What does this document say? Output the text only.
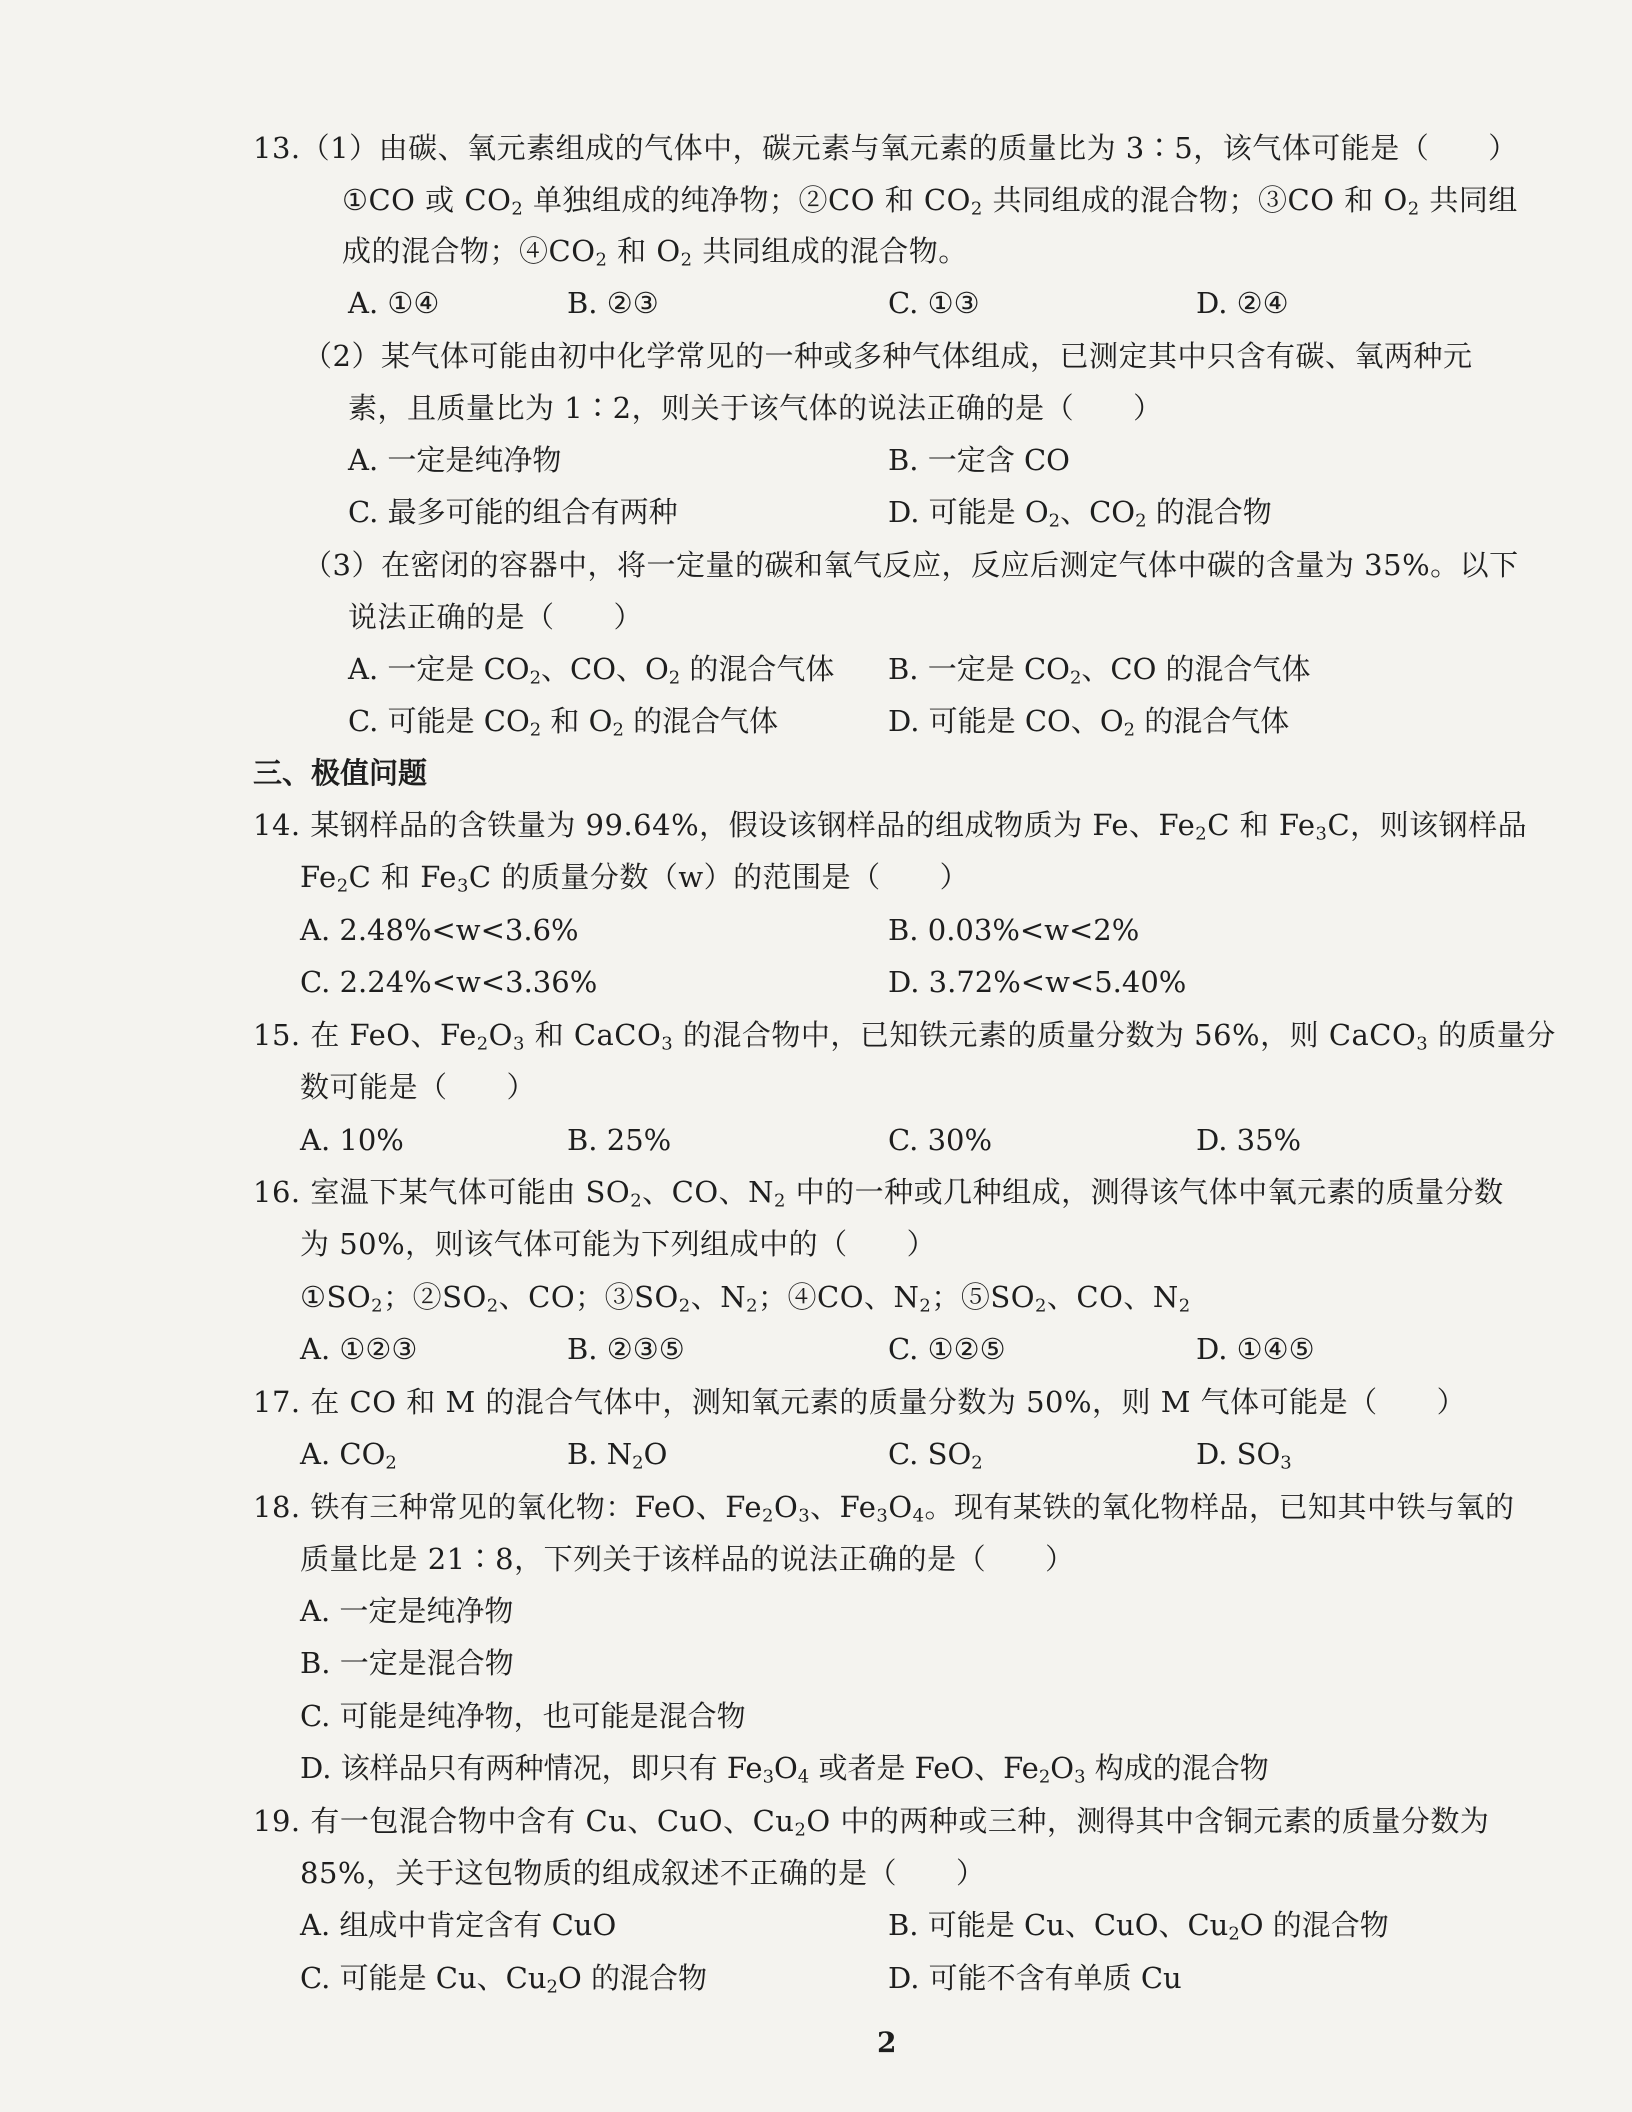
13.（1）由碳、氧元素组成的气体中，碳元素与氧元素的质量比为 3∶5，该气体可能是（　　）
①CO 或 $CO_2$ 单独组成的纯净物；②CO 和 $CO_2$ 共同组成的混合物；③CO 和 $O_2$ 共同组
成的混合物；$④CO_2$ 和 $O_2$ 共同组成的混合物。
A. ①④	B. ②③	C. ①③	D. ②④
（2）某气体可能由初中化学常见的一种或多种气体组成，已测定其中只含有碳、氧两种元
素，且质量比为 1∶2，则关于该气体的说法正确的是（　　）
A. 一定是纯净物	B. 一定含 CO
C. 最多可能的组合有两种	D. 可能是 $O_2$、$CO_2$ 的混合物
（3）在密闭的容器中，将一定量的碳和氧气反应，反应后测定气体中碳的含量为 35%。以下
说法正确的是（　　）
A. 一定是 $CO_2$、CO、$O_2$ 的混合气体 B. 一定是 $CO_2$、CO 的混合气体
C. 可能是 $CO_2$ 和 $O_2$ 的混合气体	D. 可能是 CO、$O_2$ 的混合气体
三、极值问题
14. 某钢样品的含铁量为 99.64%，假设该钢样品的组成物质为 Fe、$Fe_2C$ 和 $Fe_3C$，则该钢样品
$Fe_2C$ 和 $Fe_3C$ 的质量分数（w）的范围是（　　）
A. 2.48%<w<3.6%	B. 0.03%<w<2%
C. 2.24%<w<3.36%	D. 3.72%<w<5.40%
15. 在 FeO、$Fe_2O_3$ 和 CaCO$_3$ 的混合物中，已知铁元素的质量分数为 56%，则 CaCO$_3$ 的质量分
数可能是（　　）
A. 10%	B. 25%	C. 30%	D. 35%
16. 室温下某气体可能由 $SO_2$、CO、$N_2$ 中的一种或几种组成，测得该气体中氧元素的质量分数
为 50%，则该气体可能为下列组成中的（　　）
$①SO_2$；$②SO_2$、CO；$③SO_2$、$N_2$；④CO、$N_2$；$⑤SO_2$、CO、$N_2$
A. ①②③	B. ②③⑤	C. ①②⑤	D. ①④⑤
17. 在 CO 和 M 的混合气体中，测知氧元素的质量分数为 50%，则 M 气体可能是（　　）
A. $CO_2$	B. $N_2O$	C. $SO_2$	D. $SO_3$
18. 铁有三种常见的氧化物：FeO、$Fe_2O_3$、$Fe_3O_4$。现有某铁的氧化物样品，已知其中铁与氧的
质量比是 21∶8，下列关于该样品的说法正确的是（　　）
A. 一定是纯净物
B. 一定是混合物
C. 可能是纯净物，也可能是混合物
D. 该样品只有两种情况，即只有 $Fe_3O_4$ 或者是 FeO、$Fe_2O_3$ 构成的混合物
19. 有一包混合物中含有 Cu、CuO、$Cu_2O$ 中的两种或三种，测得其中含铜元素的质量分数为
85%，关于这包物质的组成叙述不正确的是（　　）
A. 组成中肯定含有 CuO	B. 可能是 Cu、CuO、$Cu_2O$ 的混合物
C. 可能是 Cu、$Cu_2O$ 的混合物	D. 可能不含有单质 Cu
2
